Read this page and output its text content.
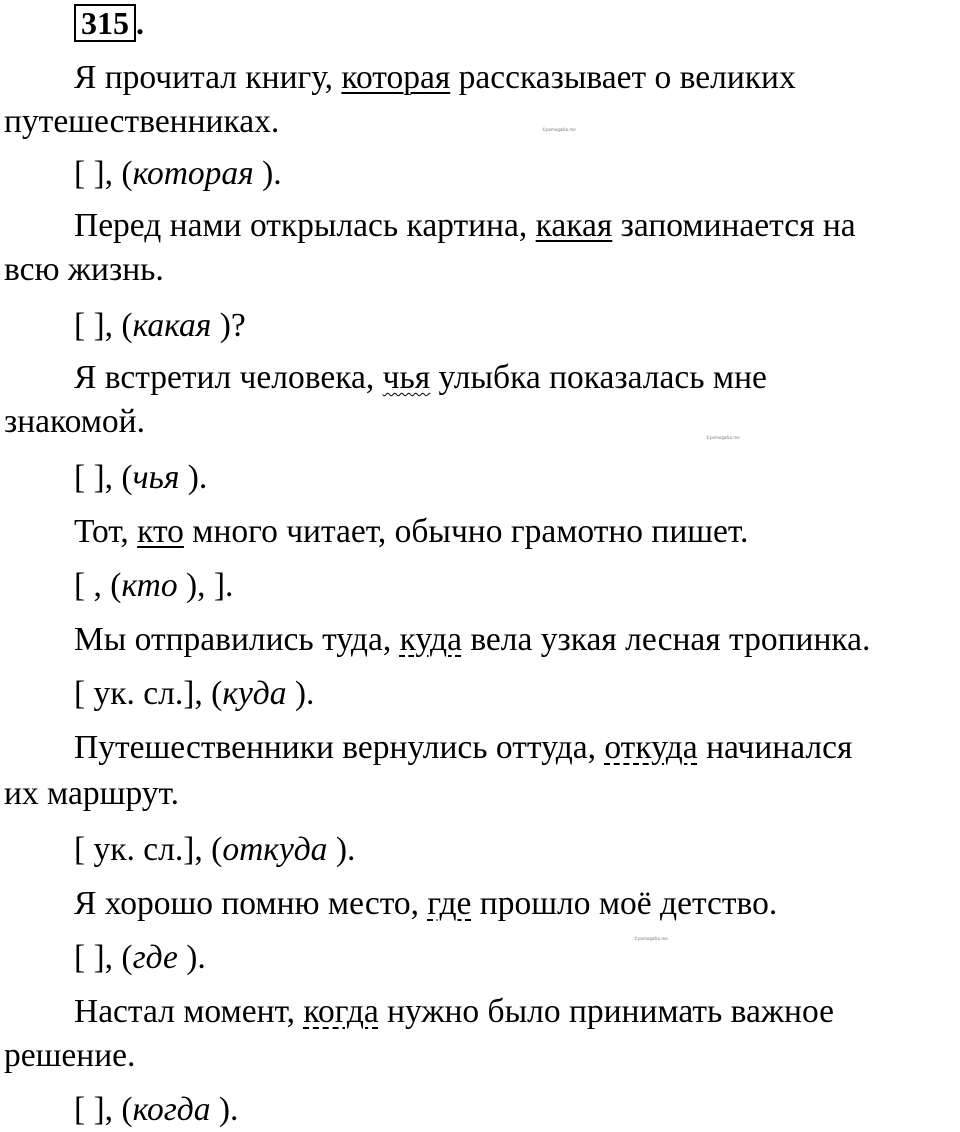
315 .
Я прочитал книгу, которая рассказывает о великих
путешественниках.	©pomogalka.me
[ ], (которая ).
Перед нами открылась картина, какая запоминается на
всю жизнь.
[ ], (какая )?
Я встретил человека, чья улыбка показалась мне
знакомой.	©pomogalka.me
[ ], (чья ).
Тот, кто много читает, обычно грамотно пишет.
[ , (кто ), ].
Мы отправились туда, куда вела узкая лесная тропинка.
[ ук. сл.], (куда ).
Путешественники вернулись оттуда, откуда начинался
их маршрут.
[ ук. сл.], (откуда ).
Я хорошо помню место, где прошло моё детство.
©pomogalka.me
[ ], (где ).
Настал момент, когда нужно было принимать важное
решение.
[ ], (когда ).
